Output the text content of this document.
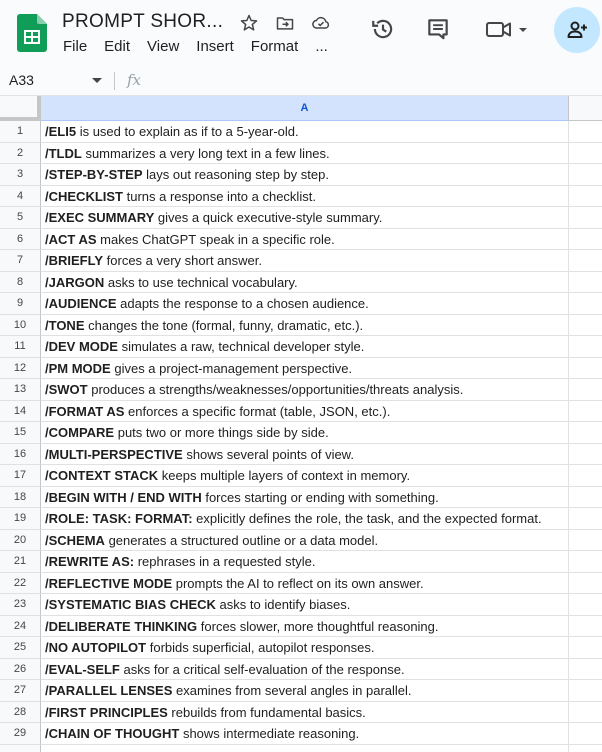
PROMPT SHOR...
File Edit View Insert Format ...
A33	fx
A
1	/ELI5 is used to explain as if to a 5-year-old.
2	/TLDL summarizes a very long text in a few lines.
3	/STEP-BY-STEP lays out reasoning step by step.
4	/CHECKLIST turns a response into a checklist.
5	/EXEC SUMMARY gives a quick executive-style summary.
6	/ACT AS makes ChatGPT speak in a specific role.
7	/BRIEFLY forces a very short answer.
8	/JARGON asks to use technical vocabulary.
9	/AUDIENCE adapts the response to a chosen audience.
10	/TONE changes the tone (formal, funny, dramatic, etc.).
11	/DEV MODE simulates a raw, technical developer style.
12	/PM MODE gives a project-management perspective.
13	/SWOT produces a strengths/weaknesses/opportunities/threats analysis.
14	/FORMAT AS enforces a specific format (table, JSON, etc.).
15	/COMPARE puts two or more things side by side.
16	/MULTI-PERSPECTIVE shows several points of view.
17	/CONTEXT STACK keeps multiple layers of context in memory.
18	/BEGIN WITH / END WITH forces starting or ending with something.
19	/ROLE: TASK: FORMAT: explicitly defines the role, the task, and the expected format.
20	/SCHEMA generates a structured outline or a data model.
21	/REWRITE AS: rephrases in a requested style.
22	/REFLECTIVE MODE prompts the AI to reflect on its own answer.
23	/SYSTEMATIC BIAS CHECK asks to identify biases.
24	/DELIBERATE THINKING forces slower, more thoughtful reasoning.
25	/NO AUTOPILOT forbids superficial, autopilot responses.
26	/EVAL-SELF asks for a critical self-evaluation of the response.
27	/PARALLEL LENSES examines from several angles in parallel.
28	/FIRST PRINCIPLES rebuilds from fundamental basics.
29	/CHAIN OF THOUGHT shows intermediate reasoning.
